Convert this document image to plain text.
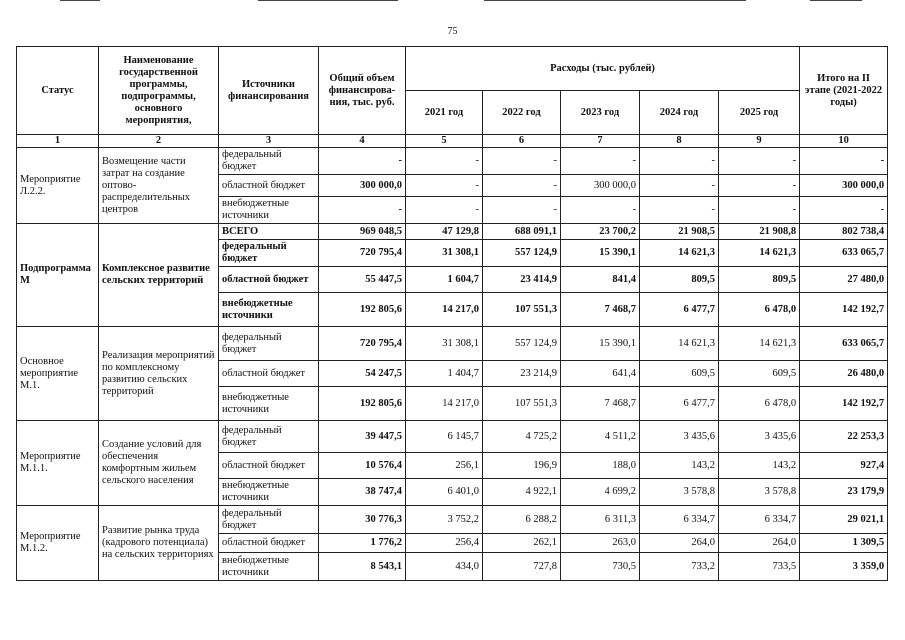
75
Статус	Наименование государственной программы, подпрограммы, основного мероприятия,	Источники финансирования	Общий объем финансирова-ния, тыс. руб.	Расходы (тыс. рублей)					Итого на II этапе (2021-2022 годы)
				2021 год	2022 год	2023 год	2024 год	2025 год	
1	2	3	4	5	6	7	8	9	10
Мероприятие Л.2.2.	Возмещение части затрат на создание оптово-распределительных центров	федеральный бюджет	-	-	-	-	-	-	-
		областной бюджет	300 000,0	-	-	300 000,0	-	-	300 000,0
		внебюджетные источники	-	-	-	-	-	-	-
Подпрограмма М	Комплексное развитие сельских территорий	ВСЕГО	969 048,5	47 129,8	688 091,1	23 700,2	21 908,5	21 908,8	802 738,4
		федеральный бюджет	720 795,4	31 308,1	557 124,9	15 390,1	14 621,3	14 621,3	633 065,7
		областной бюджет	55 447,5	1 604,7	23 414,9	841,4	809,5	809,5	27 480,0
		внебюджетные источники	192 805,6	14 217,0	107 551,3	7 468,7	6 477,7	6 478,0	142 192,7
Основное мероприятие М.1.	Реализация мероприятий по комплексному развитию сельских территорий	федеральный бюджет	720 795,4	31 308,1	557 124,9	15 390,1	14 621,3	14 621,3	633 065,7
		областной бюджет	54 247,5	1 404,7	23 214,9	641,4	609,5	609,5	26 480,0
		внебюджетные источники	192 805,6	14 217,0	107 551,3	7 468,7	6 477,7	6 478,0	142 192,7
Мероприятие М.1.1.	Создание условий для обеспечения комфортным жильем сельского населения	федеральный бюджет	39 447,5	6 145,7	4 725,2	4 511,2	3 435,6	3 435,6	22 253,3
		областной бюджет	10 576,4	256,1	196,9	188,0	143,2	143,2	927,4
		внебюджетные источники	38 747,4	6 401,0	4 922,1	4 699,2	3 578,8	3 578,8	23 179,9
Мероприятие М.1.2.	Развитие рынка труда (кадрового потенциала) на сельских территориях	федеральный бюджет	30 776,3	3 752,2	6 288,2	6 311,3	6 334,7	6 334,7	29 021,1
		областной бюджет	1 776,2	256,4	262,1	263,0	264,0	264,0	1 309,5
		внебюджетные источники	8 543,1	434,0	727,8	730,5	733,2	733,5	3 359,0
